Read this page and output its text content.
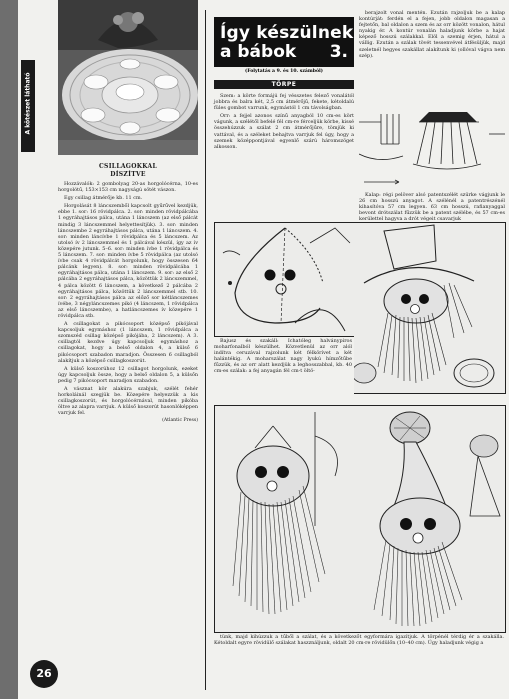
A kötészet látható
CSILLAGOKKAL
DÍSZÍTVE

Hozzávalók: 2 gombolyag 20-as horgolócérna, 10-es horgolótű, 153×153 cm nagyságú sötét vászon.

Egy csillag átmérője kb. 11 cm.

Horgolását 8 láncszemből kapcsolt gyűrűvel kezdjük, ebbe 1. sor: 16 rövidpálca. 2. sor: minden rövidpálcába 1 egyráhajtásos pálca, utána 1 láncszem (az első pálcát mindig 3 láncszemmel helyettesítjük). 3. sor: minden láncszembe 2 egyráhajtásos pálca, utána 1 láncszem. 4. sor: minden láncívbe 1 rövidpálca és 5 láncszem. Az utolsó ív 2 láncszemmel és 1 pálcával készül, így az ív közepére jutunk. 5–6. sor: minden ívbe 1 rövidpálca és 5 láncszem. 7. sor: minden ívbe 5 rövidpálca (az utolsó ívbe csak 4 rövidpálcát horgolunk, hogy összesen 64 pálcánk legyen). 8. sor: minden rövidpálcába 1 egyráhajtásos pálca, utána 1 láncszem. 9. sor: az első 2 pálcába 2 egyráhajtásos pálca, közöttük 2 láncszemmel, 4 pálca között 6 láncszem, a következő 2 pálcába 2 egyráhajtásos pálca, közöttük 2 láncszemmel stb. 10. sor: 2 egyráhajtásos pálca az előző sor kétláncszemes ívébe, 3 négyláncszemes pikó (4 láncszem, 1 rövidpálca az első láncszembe), a hatláncszemes ív közepére 1 rövidpálca stb.

A csillagokat a pikócsoport középső pikójával kapcsoljuk egymáshoz (1 láncszem, 1 rövidpálca a szomszéd csillag középső pikójába, 2 láncszem). A 3. csillagtól kezdve úgy kapcsoljuk egymáshoz a csillagokat, hogy a belső oldalon 4, a külső 6 pikócsoport szabadon maradjon. Összesen 6 csillagból alakítjuk a középső csillagkoszorút.

A külső koszorúhoz 12 csillagot horgolunk, ezeket úgy kapcsoljuk össze, hogy a belső oldalon 5, a külsőn pedig 7 pikócsoport maradjon szabadon.

A vásznat kör alakúra szabjuk, szélét fehér horkoláinál szegjük be. Közepére helyezzük a kis csillagkoszorút, és horgolócérnával, minden pikóba öltve az alapra varrjuk. A külső koszorút hasonlóképpen varrjuk fel.

(Atlantic Press)
Így készülnek
a bábok 3.
(Folytatás a 9. és 10. számból)
TÖRPE

Szem: a körte formájú fej vésszetes felező vonalától jobbra és balra két, 2,5 cm átmérőjű, fekete, kétoldalú füles gombot varrunk, egymástól 1 cm távolságban.

Orr: a fejjel azonos színű anyagból 10 cm-es kört vágunk, a szélétől befelé fél cm-re férceljük körbe, kissé összehúzzuk a szálat 2 cm átmérőjűre, tömjük ki vattával, és a széleket behajtva varrjuk fel úgy, hogy a szemek középpontjával egyenlő szárú háromszöget alkosson.

berajzolt vonal mentén. Ezután rajzoljuk be a kalap kontúrját: ferdén el a fejen, jobb oldalon magasan a fejtetőn, bal oldalon a szem és az orr között vonalon, hátul nyakig ér. A kontúr vonalán haladjunk körbe a hajat képező hosszú szálakkal. Elöl a szemig érjen, hátul a vállig. Ezután a szálak tövét tessenvével átfésüljük, majd szeletnél hegyes szakállat alakítunk ki (ollóval vágva nem szép).

Kalap: régi pelöver alsó patentszélét szürke vágjunk le 26 cm hosszú anyagot. A szélénél a patentrészénél kihasítóva 57 cm legyen. 63 cm hosszú, rafianyaggal bevont drótszálat fűzzük be a patent szélébe, és 57 cm-es kerülettel hagyva a drót végeit csavarjuk

Bajusz és szakáll: Ichatóleg halványpiros moharfonalból készülhet. Közvetlenül az orr alól indítva ceruzával rajzolunk két félkörívet a két halántékig. A moharszálat nagy lyukú hímzőtűbe fűzzük, és az orr alatt kezdjük a leghosszabbal, kb. 40 cm-es szálak: a fej anyagán fél cm-t öltö-

tünk, majd kihúzzuk a tűből a szálat, és a következőt egyformára igazítjuk. A törpénél térdig ér a szakálla. Kétoldalt egyre rövidülő szálakat haszználjunk, oldalt 20 cm-re rövidülőn (10–40 cm). Úgy haladjunk végig a

26
